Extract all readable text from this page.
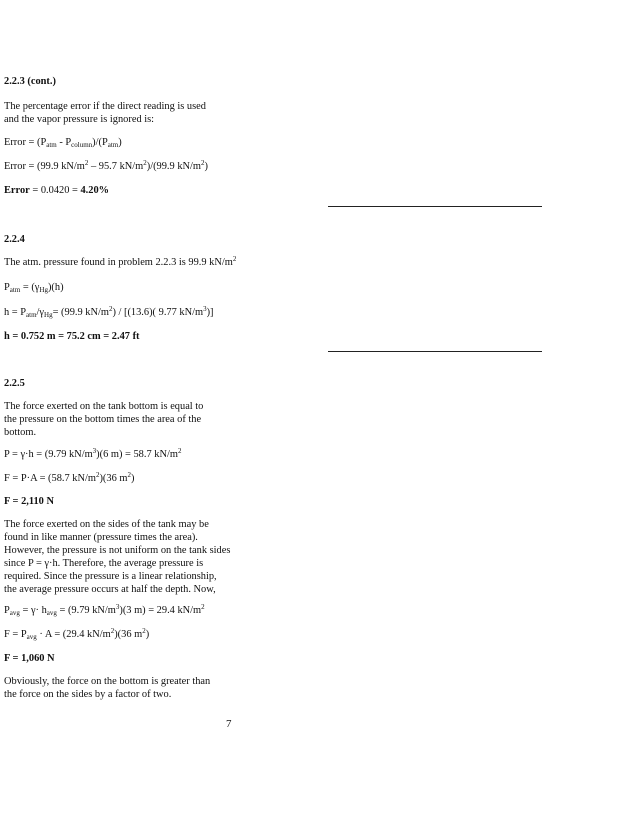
2.2.3 (cont.)
The percentage error if the direct reading is used
and the vapor pressure is ignored is:
Error = $(P_{atm} - P_{column})/(P_{atm})$
Error = (99.9 $kN/m^2 - 95.7$ $kN/m^2)/(99.9$ $kN/m^2$)
Error = 0.0420 = 4.20%
2.2.4
The atm. pressure found in problem 2.2.3 is 99.9 $kN/m^2$
$P_{atm} = (\gamma_{Hg})(h)$
$h = P_{atm}/\gamma_{Hg}= (99.9$ $kN/m^2) / [(13.6)$( 9.77 $kN/m^3$)]
h = 0.752 m = 75.2 cm = 2.47 ft
2.2.5
The force exerted on the tank bottom is equal to
the pressure on the bottom times the area of the
bottom.
P = γ·h = (9.79 $kN/m^3)(6$ m) = 58.7 $kN/m^2$
F = P·A = (58.7 $kN/m^2)(36$ $m^2$)
F = 2,110 N
The force exerted on the sides of the tank may be
found in like manner (pressure times the area).
However, the pressure is not uniform on the tank sides
since P = γ·h. Therefore, the average pressure is
required. Since the pressure is a linear relationship,
the average pressure occurs at half the depth. Now,
$P_{avg} = \gamma\cdot h_{avg} = (9.79$ $kN/m^3)(3$ m) = 29.4 $kN/m^2$
$F = P_{avg} \cdot A = (29.4$ $kN/m^2)(36$ $m^2$)
F = 1,060 N
Obviously, the force on the bottom is greater than
the force on the sides by a factor of two.
7
